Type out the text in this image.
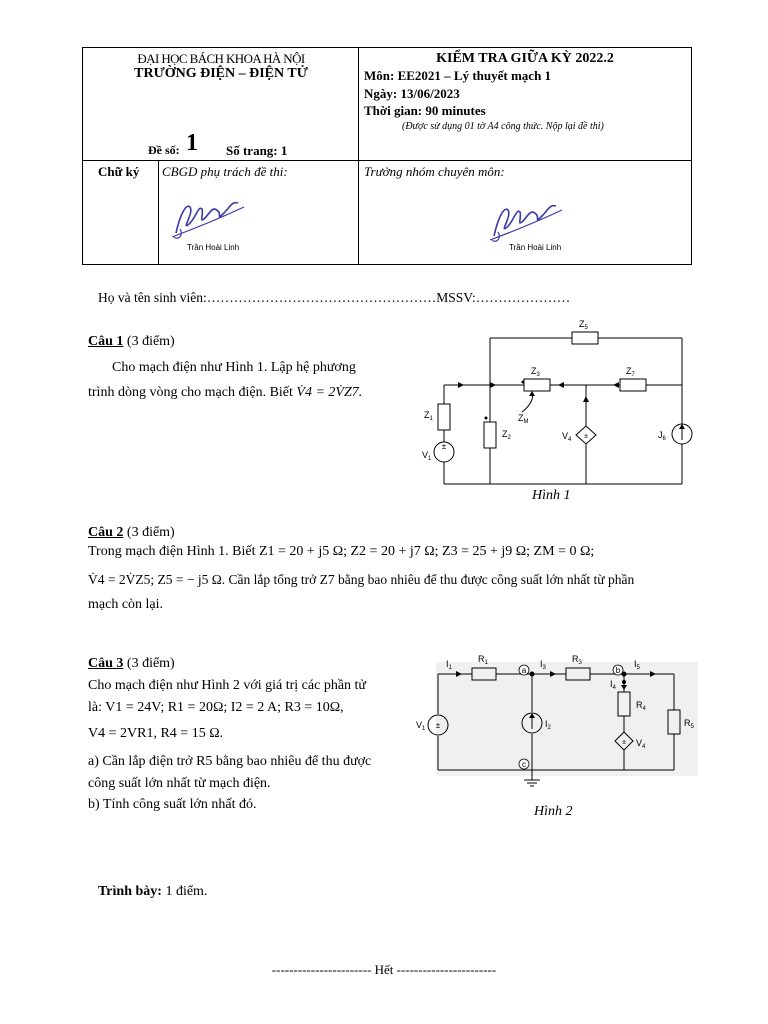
ĐẠI HỌC BÁCH KHOA HÀ NỘI
TRƯỜNG ĐIỆN – ĐIỆN TỬ
Đề số: 1 Số trang: 1
KIỂM TRA GIỮA KỲ 2022.2
Môn: EE2021 – Lý thuyết mạch 1
Ngày: 13/06/2023
Thời gian: 90 minutes
(Được sử dụng 01 tờ A4 công thức. Nộp lại đề thi)
Chữ ký CBGD phụ trách đề thi:	Trưởng nhóm chuyên môn:
Trần Hoài Linh	Trần Hoài Linh
Họ và tên sinh viên:……………………………………………MSSV:…………………
Câu 1 (3 điểm)
Cho mạch điện như Hình 1. Lập hệ phương
trình dòng vòng cho mạch điện. Biết V̇4 = 2V̇Z7.
±
±
$Z_5$
$Z_3$	$Z_7$
$Z_1$
$Z_2$
$Z_M$
$V_1$
$V_4$	$J_6$
Hình 1
Câu 2 (3 điểm)
Trong mạch điện Hình 1. Biết Z1 = 20 + j5 Ω; Z2 = 20 + j7 Ω; Z3 = 25 + j9 Ω; ZM = 0 Ω;
V̇4 = 2V̇Z5; Z5 = − j5 Ω. Cần lắp tổng trở Z7 bằng bao nhiêu để thu được công suất lớn nhất từ phần
mạch còn lại.
Câu 3 (3 điểm)
Cho mạch điện như Hình 2 với giá trị các phần tử
là: V1 = 24V; R1 = 20Ω; I2 = 2 A; R3 = 10Ω,
V4 = 2VR1, R4 = 15 Ω.
a) Cần lắp điện trở R5 bằng bao nhiêu để thu được
công suất lớn nhất từ mạch điện.
b) Tính công suất lớn nhất đó.
±
±
a	b
c
$I_1$
$R_1$	$I_3$
$R_3$	$I_5$
$I_4$
$R_4$
$R_5$
$V_1$	$I_2$
$V_4$
Hình 2
Trình bày: 1 điểm.
----------------------- Hết -----------------------
